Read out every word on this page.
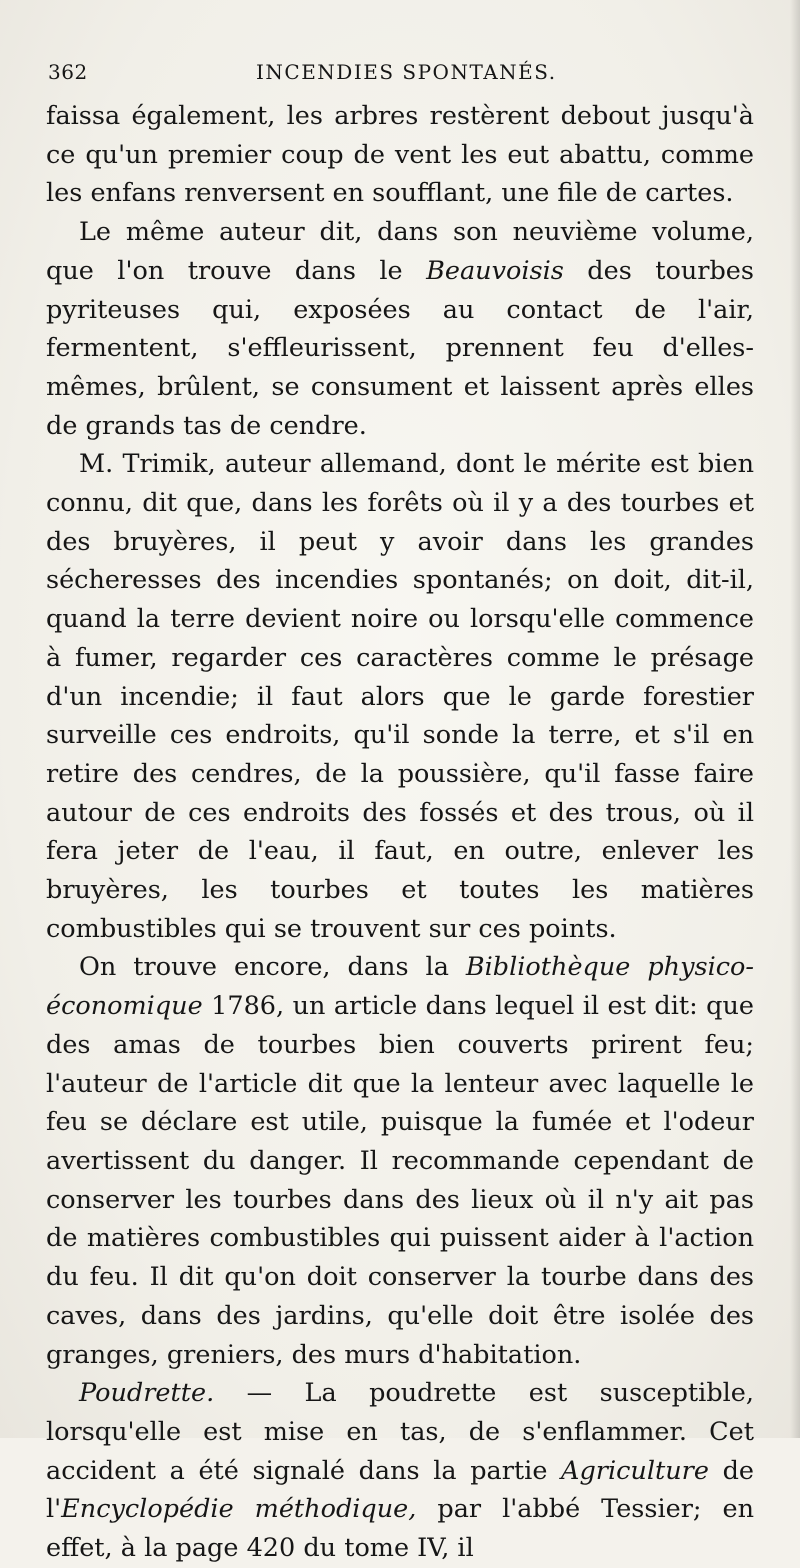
362	INCENDIES SPONTANÉS.

faissa également, les arbres restèrent debout jusqu'à ce qu'un premier coup de vent les eut abattu, comme les enfans renversent en soufflant, une file de cartes.

Le même auteur dit, dans son neuvième volume, que l'on trouve dans le Beauvoisis des tourbes pyriteuses qui, exposées au contact de l'air, fermentent, s'effleurissent, prennent feu d'elles-mêmes, brûlent, se consument et laissent après elles de grands tas de cendre.

M. Trimik, auteur allemand, dont le mérite est bien connu, dit que, dans les forêts où il y a des tourbes et des bruyères, il peut y avoir dans les grandes sécheresses des incendies spontanés; on doit, dit-il, quand la terre devient noire ou lorsqu'elle commence à fumer, regarder ces caractères comme le présage d'un incendie; il faut alors que le garde forestier surveille ces endroits, qu'il sonde la terre, et s'il en retire des cendres, de la poussière, qu'il fasse faire autour de ces endroits des fossés et des trous, où il fera jeter de l'eau, il faut, en outre, enlever les bruyères, les tourbes et toutes les matières combustibles qui se trouvent sur ces points.

On trouve encore, dans la Bibliothèque physico-économique 1786, un article dans lequel il est dit: que des amas de tourbes bien couverts prirent feu; l'auteur de l'article dit que la lenteur avec laquelle le feu se déclare est utile, puisque la fumée et l'odeur avertissent du danger. Il recommande cependant de conserver les tourbes dans des lieux où il n'y ait pas de matières combustibles qui puissent aider à l'action du feu. Il dit qu'on doit conserver la tourbe dans des caves, dans des jardins, qu'elle doit être isolée des granges, greniers, des murs d'habitation.

Poudrette. — La poudrette est susceptible, lorsqu'elle est mise en tas, de s'enflammer. Cet accident a été signalé dans la partie Agriculture de l'Encyclopédie méthodique, par l'abbé Tessier; en effet, à la page 420 du tome IV, il
